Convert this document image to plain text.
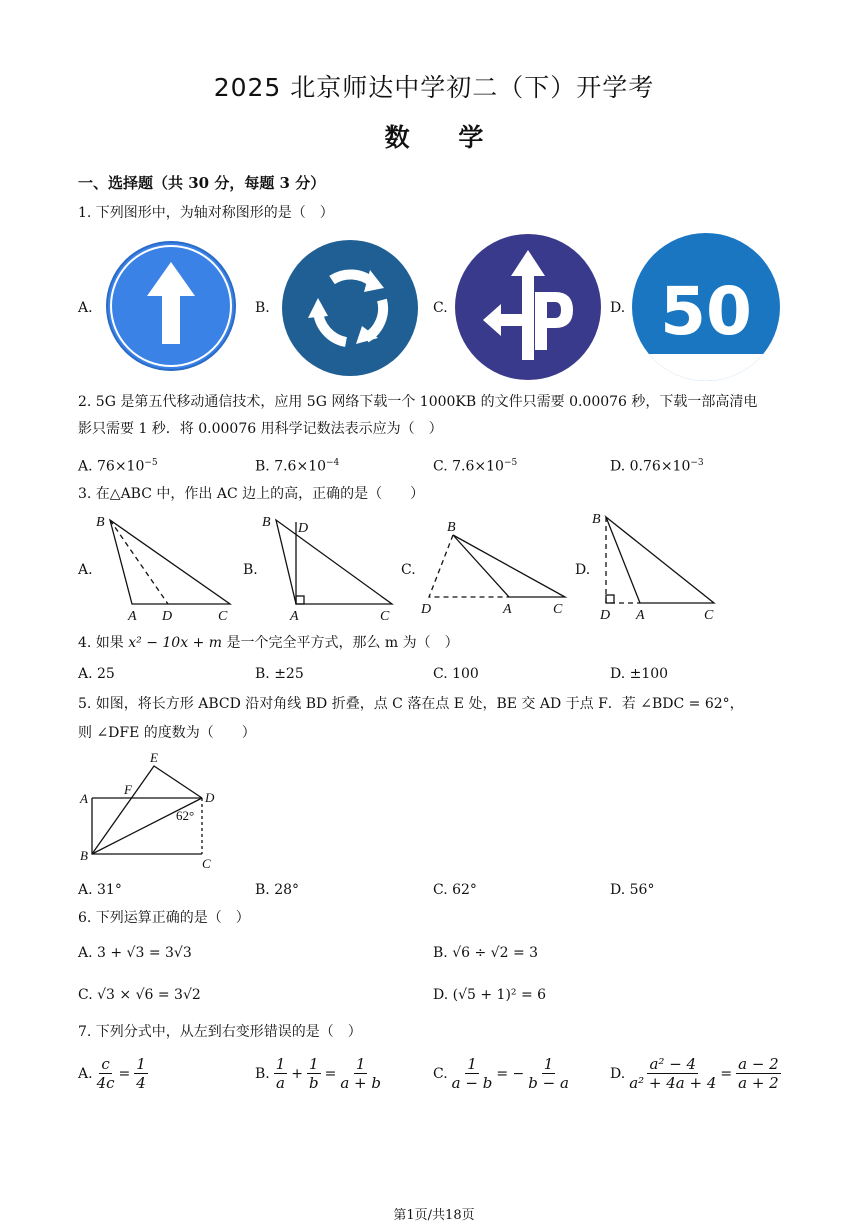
2025 北京师达中学初二（下）开学考
数 学
一、选择题（共 30 分，每题 3 分）
1. 下列图形中，为轴对称图形的是（　）
A.	B.	C.	D. 50
2. 5G 是第五代移动通信技术，应用 5G 网络下载一个 1000KB 的文件只需要 0.00076 秒，下载一部高清电
影只需要 1 秒．将 0.00076 用科学记数法表示应为（　）
A. $76\times 10^{-5}$	B. $7.6\times 10^{-4}$	C. $7.6\times 10^{-5}$	D. $0.76\times 10^{-3}$
3. 在△ABC 中，作出 AC 边上的高，正确的是（　　）
A.	B.	C.	D.
B
A D	C
B D
A	C
B
D	A	C
B
D A	C
4. 如果 x² − 10x + m 是一个完全平方式，那么 m 为（　）
A. 25	B. ±25	C. 100	D. ±100
5. 如图，将长方形 ABCD 沿对角线 BD 折叠，点 C 落在点 E 处，BE 交 AD 于点 F．若 ∠BDC = 62°，
则 ∠DFE 的度数为（　　）
E
A
F
D
62°
B
C
A. 31°	B. 28°	C. 62°	D. 56°
6. 下列运算正确的是（　）
A. 3 + √3 = 3√3	B. √6 ÷ √2 = 3
C. √3 × √6 = 3√2	D. (√5 + 1)² = 6
7. 下列分式中，从左到右变形错误的是（　）
A. $\frac{c}{4c} = \frac{1}{4}$	B. $\frac{1}{a} + \frac{1}{b} = \frac{1}{a + b}$	C. $\frac{1}{a - b}$ = − $\frac{1}{b - a}$	D. $\frac{\text{a² − 4}}{\text{a² + 4a + 4}} = \frac{a - 2}{a + 2}$
第1页/共18页
